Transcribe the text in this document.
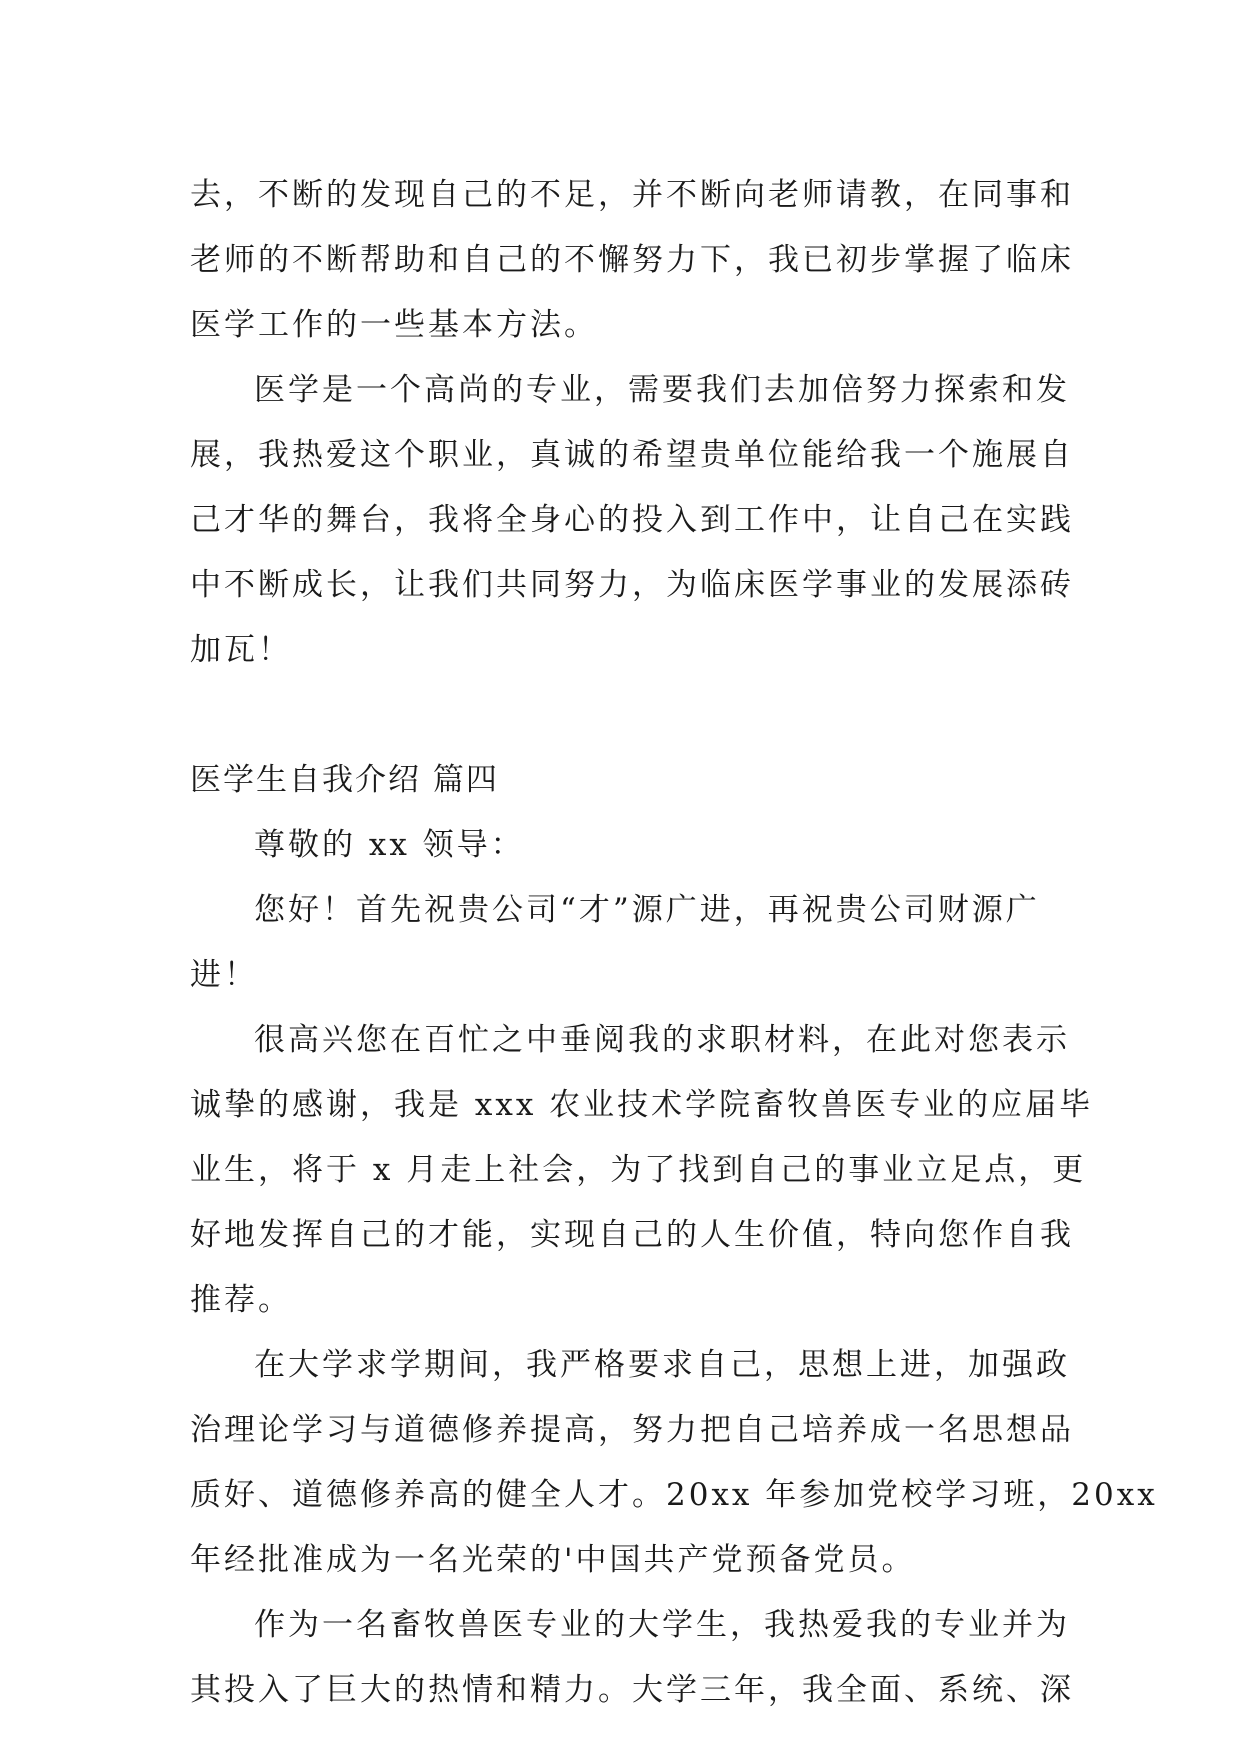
去，不断的发现自己的不足，并不断向老师请教，在同事和
老师的不断帮助和自己的不懈努力下，我已初步掌握了临床
医学工作的一些基本方法。
医学是一个高尚的专业，需要我们去加倍努力探索和发
展，我热爱这个职业，真诚的希望贵单位能给我一个施展自
己才华的舞台，我将全身心的投入到工作中，让自己在实践
中不断成长，让我们共同努力，为临床医学事业的发展添砖
加瓦！
医学生自我介绍 篇四
尊敬的 xx 领导：
您好！首先祝贵公司“才”源广进，再祝贵公司财源广
进！
很高兴您在百忙之中垂阅我的求职材料，在此对您表示
诚挚的感谢，我是 xxx 农业技术学院畜牧兽医专业的应届毕
业生，将于 x 月走上社会，为了找到自己的事业立足点，更
好地发挥自己的才能，实现自己的人生价值，特向您作自我
推荐。
在大学求学期间，我严格要求自己，思想上进，加强政
治理论学习与道德修养提高，努力把自己培养成一名思想品
质好、道德修养高的健全人才。20xx 年参加党校学习班，20xx
年经批准成为一名光荣的'中国共产党预备党员。
作为一名畜牧兽医专业的大学生，我热爱我的专业并为
其投入了巨大的热情和精力。大学三年，我全面、系统、深
